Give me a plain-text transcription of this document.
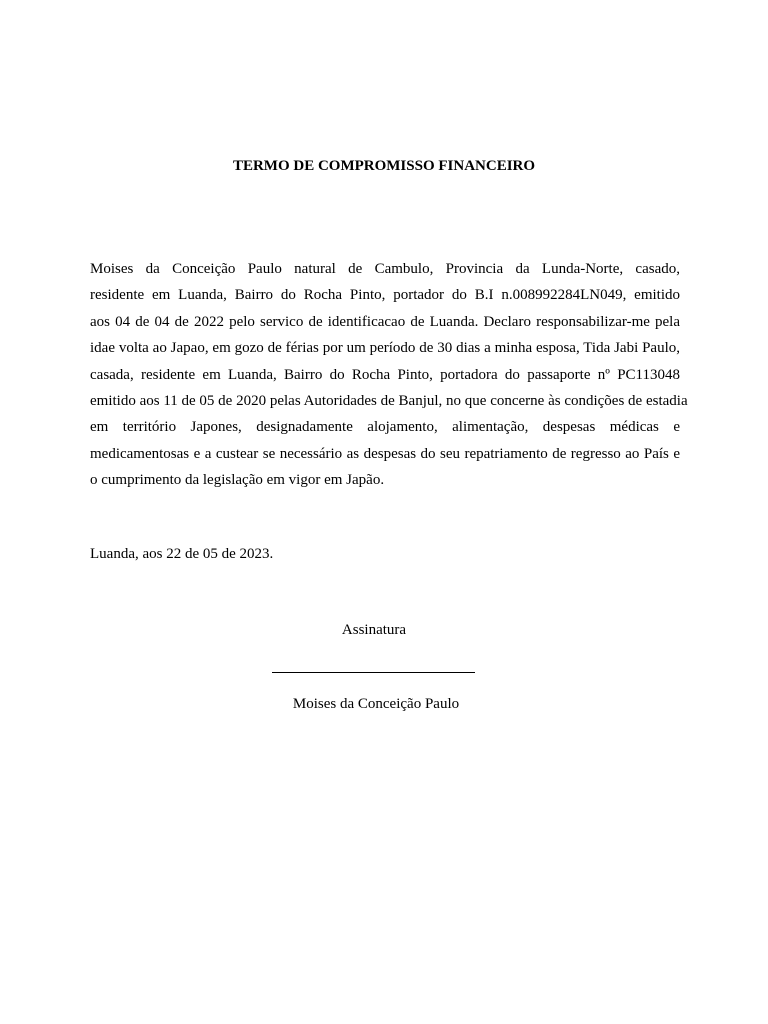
TERMO DE COMPROMISSO FINANCEIRO
Moises da Conceição Paulo natural de Cambulo, Provincia da Lunda-Norte, casado,
residente em Luanda, Bairro do Rocha Pinto, portador do B.I n.008992284LN049, emitido
aos 04 de 04 de 2022 pelo servico de identificacao de Luanda. Declaro responsabilizar-me pela
idae volta ao Japao, em gozo de férias por um período de 30 dias a minha esposa, Tida Jabi Paulo,
casada, residente em Luanda, Bairro do Rocha Pinto, portadora do passaporte nº PC113048
emitido aos 11 de 05 de 2020 pelas Autoridades de Banjul, no que concerne às condições de estadia
em território Japones, designadamente alojamento, alimentação, despesas médicas e
medicamentosas e a custear se necessário as despesas do seu repatriamento de regresso ao País e
o cumprimento da legislação em vigor em Japão.

Luanda, aos 22 de 05 de 2023.

Assinatura

Moises da Conceição Paulo
